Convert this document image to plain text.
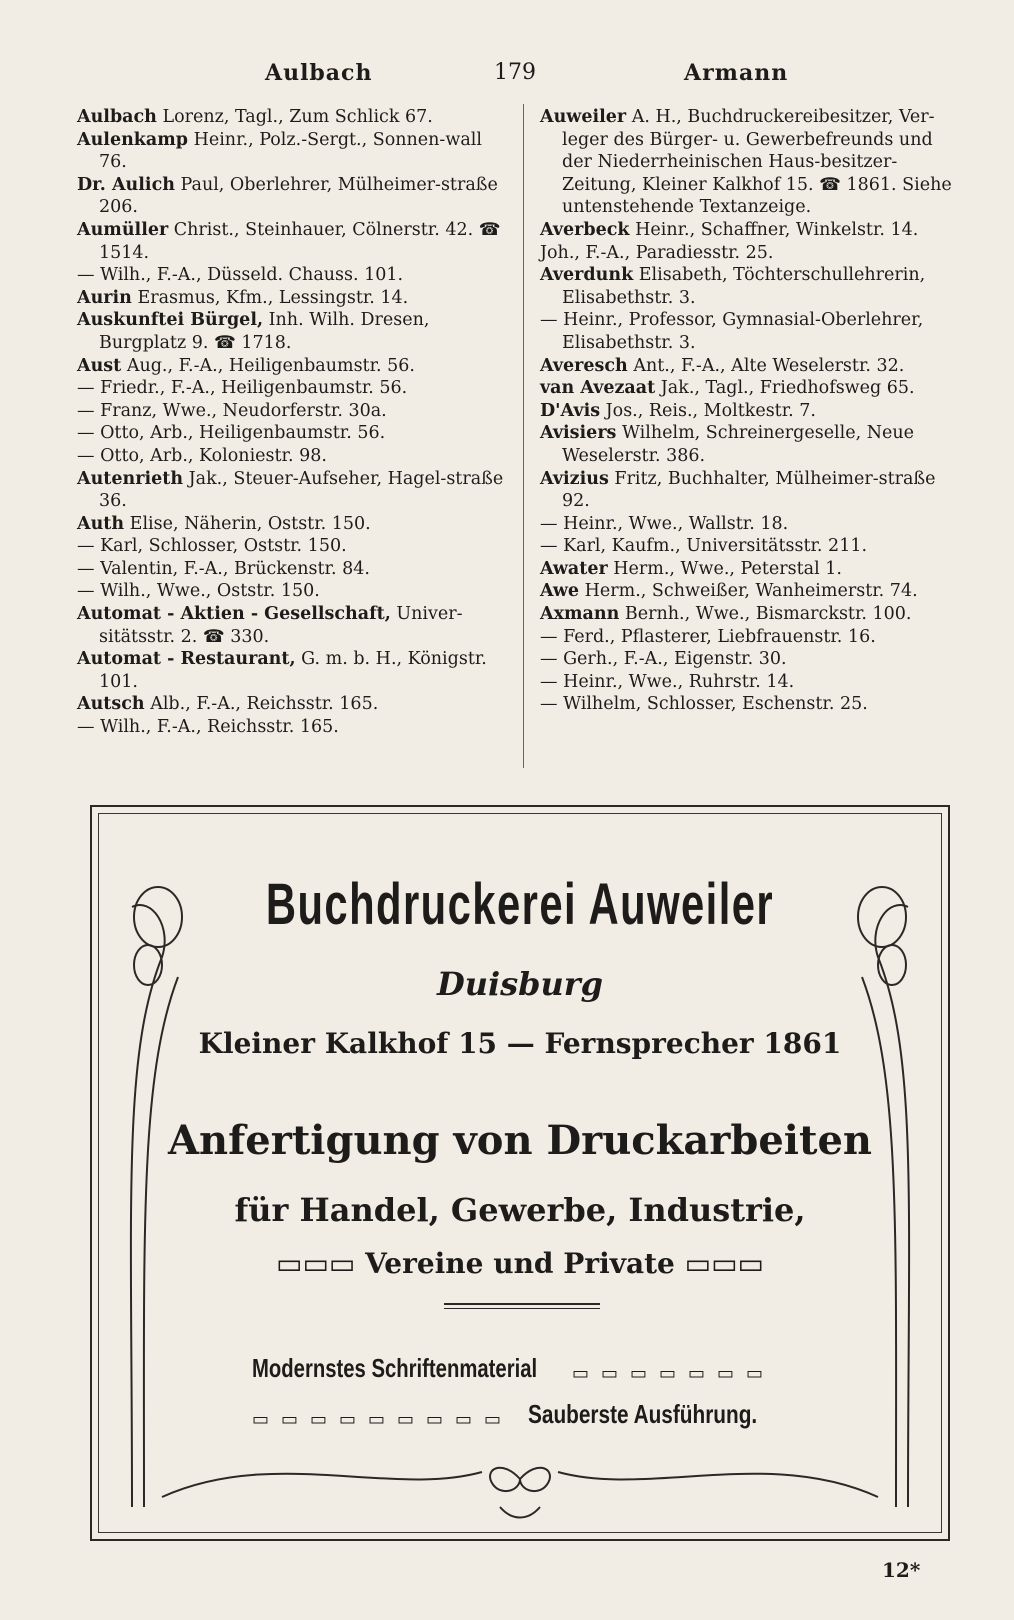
Aulbach	179	Armann

Aulbach Lorenz, Tagl., Zum Schlick 67.

Aulenkamp Heinr., Polz.-Sergt., Sonnen-wall 76.

Dr. Aulich Paul, Oberlehrer, Mülheimer-straße 206.

Aumüller Christ., Steinhauer, Cölnerstr. 42. ☎ 1514.

— Wilh., F.-A., Düsseld. Chauss. 101.

Aurin Erasmus, Kfm., Lessingstr. 14.

Auskunftei Bürgel, Inh. Wilh. Dresen, Burgplatz 9. ☎ 1718.

Aust Aug., F.-A., Heiligenbaumstr. 56.

— Friedr., F.-A., Heiligenbaumstr. 56.

— Franz, Wwe., Neudorferstr. 30a.

— Otto, Arb., Heiligenbaumstr. 56.

— Otto, Arb., Koloniestr. 98.

Autenrieth Jak., Steuer-Aufseher, Hagel-straße 36.

Auth Elise, Näherin, Oststr. 150.

— Karl, Schlosser, Oststr. 150.

— Valentin, F.-A., Brückenstr. 84.

— Wilh., Wwe., Oststr. 150.

Automat - Aktien - Gesellschaft, Univer-sitätsstr. 2. ☎ 330.

Automat - Restaurant, G. m. b. H., Königstr. 101.

Autsch Alb., F.-A., Reichsstr. 165.

— Wilh., F.-A., Reichsstr. 165.

Auweiler A. H., Buchdruckereibesitzer, Ver-leger des Bürger- u. Gewerbefreunds und der Niederrheinischen Haus-besitzer-Zeitung, Kleiner Kalkhof 15. ☎ 1861. Siehe untenstehende Textanzeige.

Averbeck Heinr., Schaffner, Winkelstr. 14.

Joh., F.-A., Paradiesstr. 25.

Averdunk Elisabeth, Töchterschullehrerin, Elisabethstr. 3.

— Heinr., Professor, Gymnasial-Oberlehrer, Elisabethstr. 3.

Averesch Ant., F.-A., Alte Weselerstr. 32.

van Avezaat Jak., Tagl., Friedhofsweg 65.

D'Avis Jos., Reis., Moltkestr. 7.

Avisiers Wilhelm, Schreinergeselle, Neue Weselerstr. 386.

Avizius Fritz, Buchhalter, Mülheimer-straße 92.

— Heinr., Wwe., Wallstr. 18.

— Karl, Kaufm., Universitätsstr. 211.

Awater Herm., Wwe., Peterstal 1.

Awe Herm., Schweißer, Wanheimerstr. 74.

Axmann Bernh., Wwe., Bismarckstr. 100.

— Ferd., Pflasterer, Liebfrauenstr. 16.

— Gerh., F.-A., Eigenstr. 30.

— Heinr., Wwe., Ruhrstr. 14.

— Wilhelm, Schlosser, Eschenstr. 25.

Buchdruckerei Auweiler
Duisburg
Kleiner Kalkhof 15 — Fernsprecher 1861
Anfertigung von Druckarbeiten
für Handel, Gewerbe, Industrie,
▭▭▭ Vereine und Private ▭▭▭
Modernstes Schriftenmaterial ▭▭▭▭▭▭▭
▭▭▭▭▭▭▭▭▭ Sauberste Ausführung.
12*
